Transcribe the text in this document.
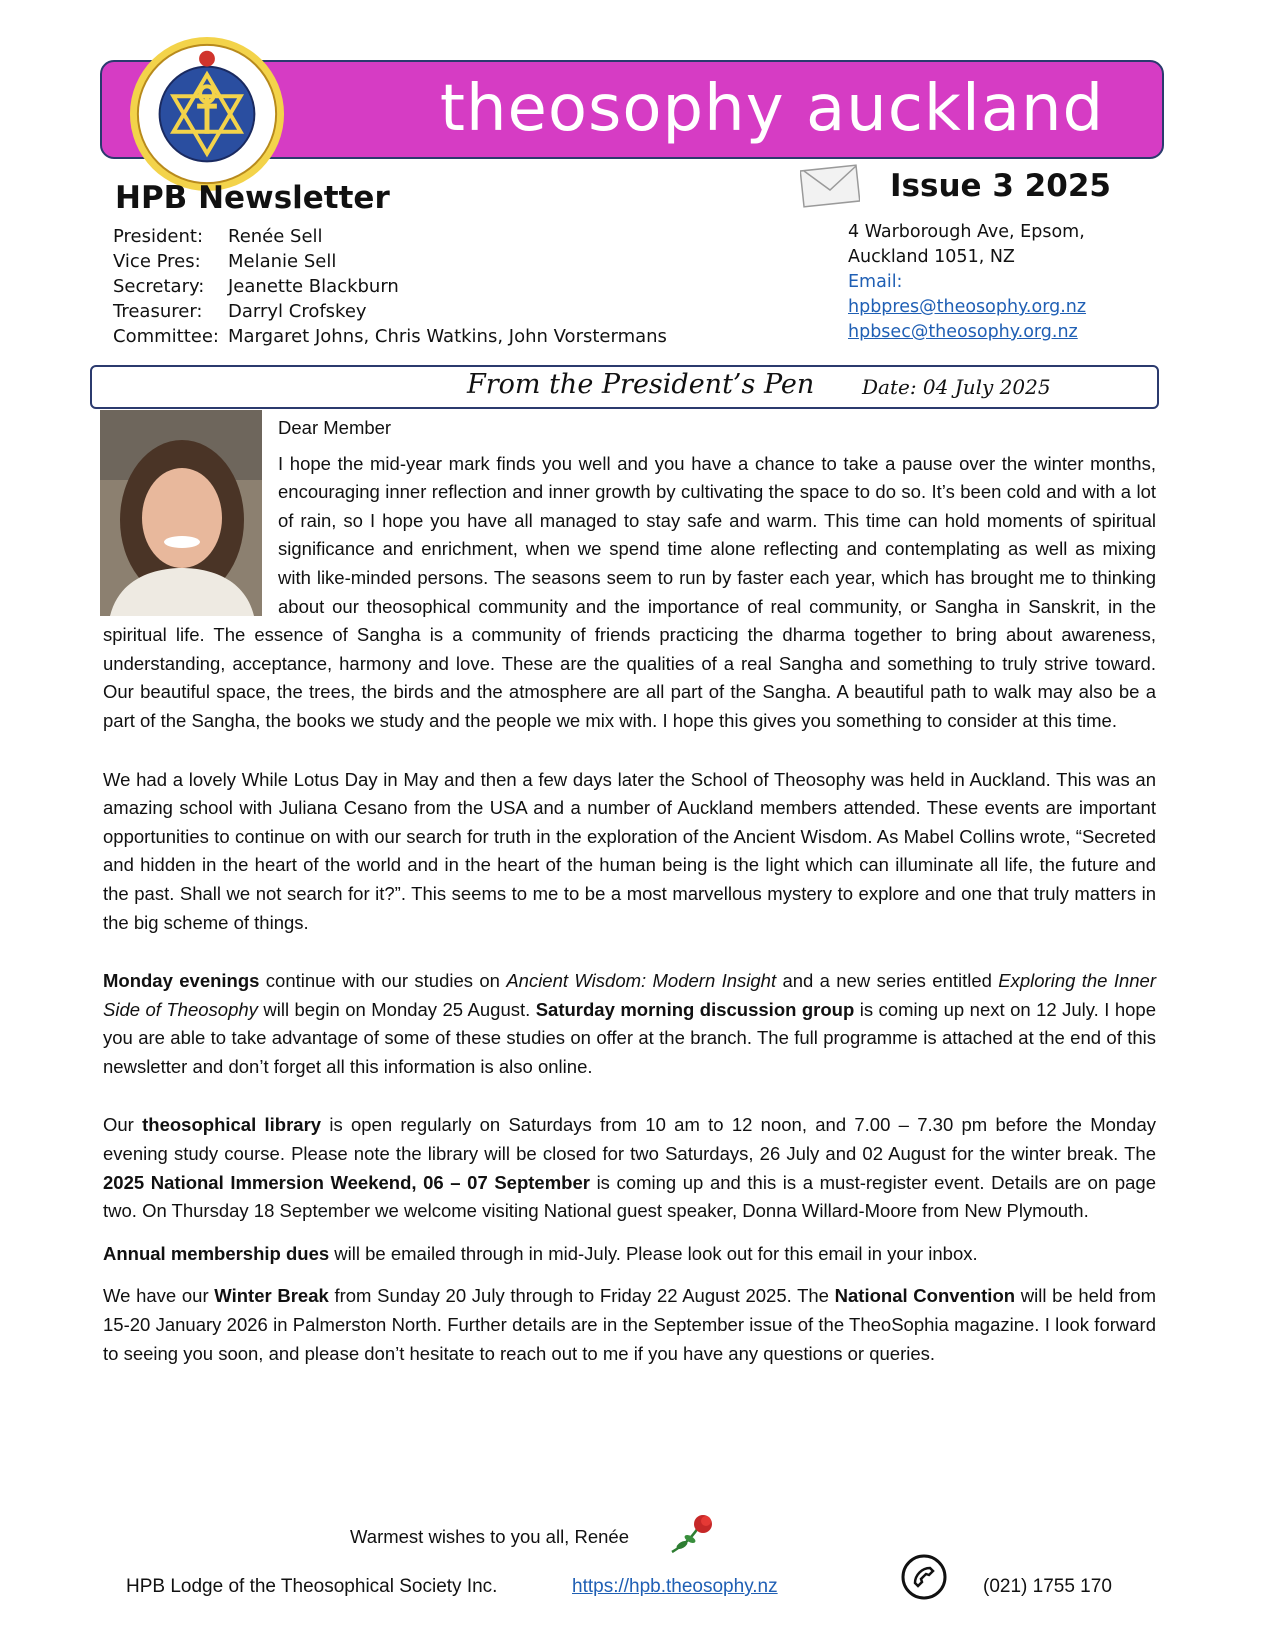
theosophy auckland
HPB Newsletter
President:	Renée Sell
Vice Pres:	Melanie Sell
Secretary:	Jeanette Blackburn
Treasurer:	Darryl Crofskey
Committee: Margaret Johns, Chris Watkins, John Vorstermans
Issue 3 2025
4 Warborough Ave, Epsom,
Auckland 1051, NZ
Email:
hpbpres@theosophy.org.nz
hpbsec@theosophy.org.nz
From the President’s Pen Date: 04 July 2025

Dear Member

I hope the mid-year mark finds you well and you have a chance to take a pause over the winter months, encouraging inner reflection and inner growth by cultivating the space to do so. It’s been cold and with a lot of rain, so I hope you have all managed to stay safe and warm. This time can hold moments of spiritual significance and enrichment, when we spend time alone reflecting and contemplating as well as mixing with like-minded persons. The seasons seem to run by faster each year, which has brought me to thinking about our theosophical community and the importance of real community, or Sangha in Sanskrit, in the spiritual life. The essence of Sangha is a community of friends practicing the dharma together to bring about awareness, understanding, acceptance, harmony and love. These are the qualities of a real Sangha and something to truly strive toward. Our beautiful space, the trees, the birds and the atmosphere are all part of the Sangha. A beautiful path to walk may also be a part of the Sangha, the books we study and the people we mix with. I hope this gives you something to consider at this time.

We had a lovely While Lotus Day in May and then a few days later the School of Theosophy was held in Auckland. This was an amazing school with Juliana Cesano from the USA and a number of Auckland members attended. These events are important opportunities to continue on with our search for truth in the exploration of the Ancient Wisdom. As Mabel Collins wrote, “Secreted and hidden in the heart of the world and in the heart of the human being is the light which can illuminate all life, the future and the past. Shall we not search for it?”. This seems to me to be a most marvellous mystery to explore and one that truly matters in the big scheme of things.

Monday evenings continue with our studies on Ancient Wisdom: Modern Insight and a new series entitled Exploring the Inner Side of Theosophy will begin on Monday 25 August. Saturday morning discussion group is coming up next on 12 July. I hope you are able to take advantage of some of these studies on offer at the branch. The full programme is attached at the end of this newsletter and don’t forget all this information is also online.

Our theosophical library is open regularly on Saturdays from 10 am to 12 noon, and 7.00 – 7.30 pm before the Monday evening study course. Please note the library will be closed for two Saturdays, 26 July and 02 August for the winter break. The 2025 National Immersion Weekend, 06 – 07 September is coming up and this is a must-register event. Details are on page two. On Thursday 18 September we welcome visiting National guest speaker, Donna Willard-Moore from New Plymouth.

Annual membership dues will be emailed through in mid-July. Please look out for this email in your inbox.

We have our Winter Break from Sunday 20 July through to Friday 22 August 2025. The National Convention will be held from 15-20 January 2026 in Palmerston North. Further details are in the September issue of the TheoSophia magazine. I look forward to seeing you soon, and please don’t hesitate to reach out to me if you have any questions or queries.

Warmest wishes to you all, Renée
HPB Lodge of the Theosophical Society Inc.	https://hpb.theosophy.nz	(021) 1755 170
